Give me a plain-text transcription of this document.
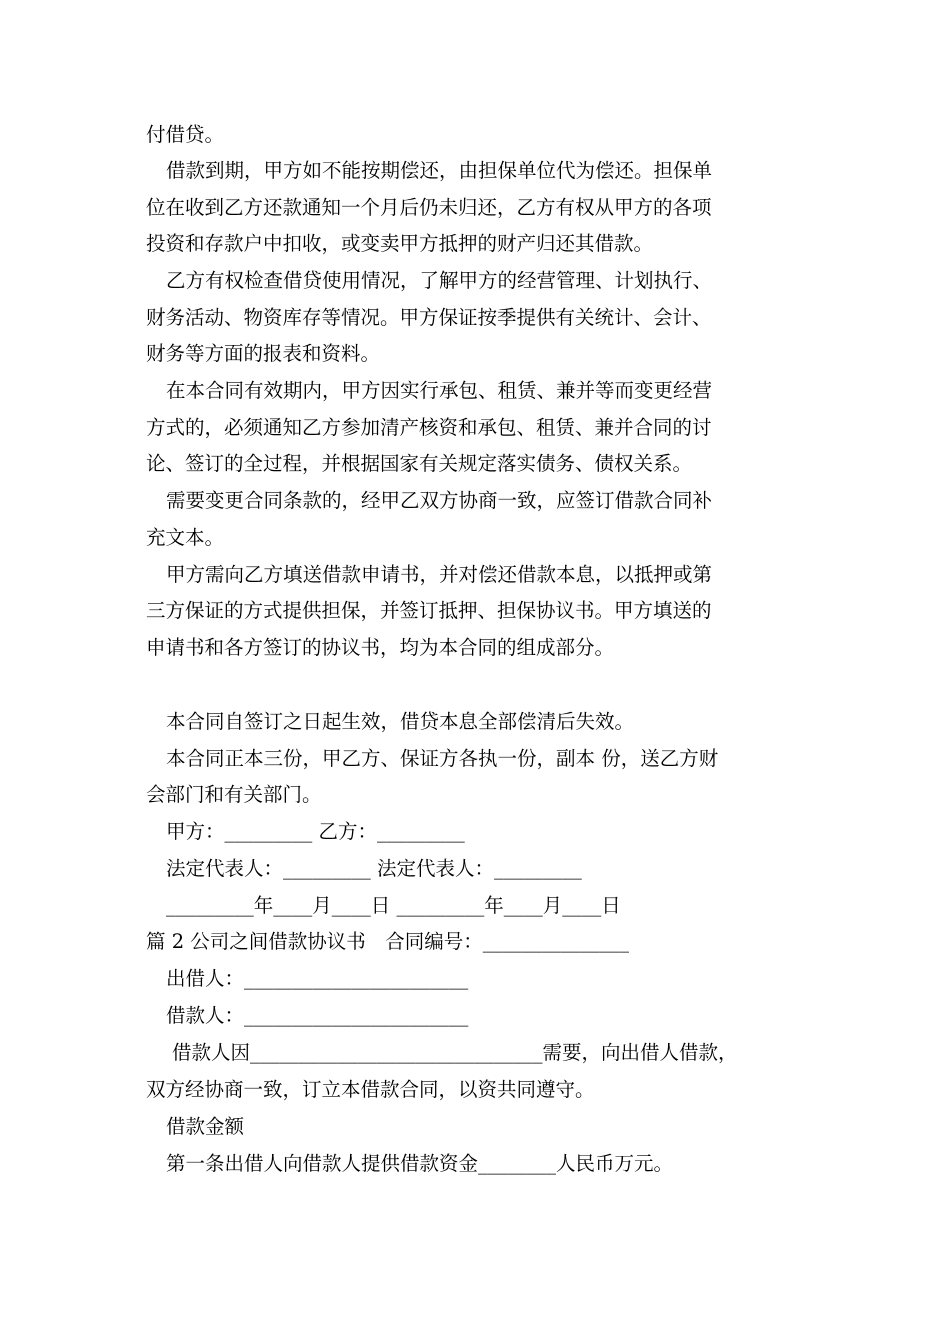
付借贷。
借款到期，甲方如不能按期偿还，由担保单位代为偿还。担保单
位在收到乙方还款通知一个月后仍未归还，乙方有权从甲方的各项
投资和存款户中扣收，或变卖甲方抵押的财产归还其借款。
乙方有权检查借贷使用情况，了解甲方的经营管理、计划执行、
财务活动、物资库存等情况。甲方保证按季提供有关统计、会计、
财务等方面的报表和资料。
在本合同有效期内，甲方因实行承包、租赁、兼并等而变更经营
方式的，必须通知乙方参加清产核资和承包、租赁、兼并合同的讨
论、签订的全过程，并根据国家有关规定落实债务、债权关系。
需要变更合同条款的，经甲乙双方协商一致，应签订借款合同补
充文本。
甲方需向乙方填送借款申请书，并对偿还借款本息，以抵押或第
三方保证的方式提供担保，并签订抵押、担保协议书。甲方填送的
申请书和各方签订的协议书，均为本合同的组成部分。
本合同自签订之日起生效，借贷本息全部偿清后失效。
本合同正本三份，甲乙方、保证方各执一份，副本 份，送乙方财
会部门和有关部门。
甲方：_________ 乙方：_________
法定代表人：_________ 法定代表人：_________
_________年____月____日 _________年____月____日
篇 2 公司之间借款协议书　合同编号：_______________
出借人：_______________________
借款人：_______________________
借款人因______________________________需要，向出借人借款，
双方经协商一致，订立本借款合同，以资共同遵守。
借款金额
第一条出借人向借款人提供借款资金________人民币万元。
